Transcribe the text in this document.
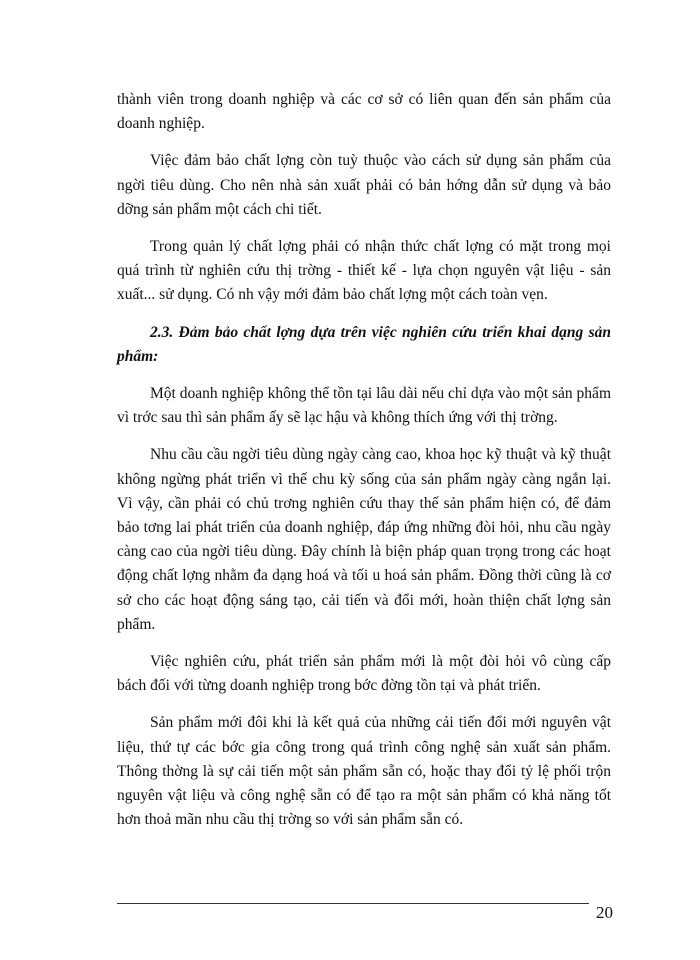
thành viên trong doanh nghiệp và các cơ sở có liên quan đến sản phẩm của doanh nghiệp.

Việc đảm bảo chất lợng còn tuỳ thuộc vào cách sử dụng sản phẩm của ngời tiêu dùng. Cho nên nhà sản xuất phải có bản hớng dẫn sử dụng và bảo dỡng sản phẩm một cách chi tiết.

Trong quản lý chất lợng phải có nhận thức chất lợng có mặt trong mọi quá trình từ nghiên cứu thị trờng - thiết kế - lựa chọn nguyên vật liệu - sản xuất... sử dụng. Có nh vậy mới đảm bảo chất lợng một cách toàn vẹn.

2.3. Đảm bảo chất lợng dựa trên việc nghiên cứu triển khai dạng sản phẩm:

Một doanh nghiệp không thể tồn tại lâu dài nếu chỉ dựa vào một sản phẩm vì trớc sau thì sản phẩm ấy sẽ lạc hậu và không thích ứng với thị trờng.

Nhu cầu cầu ngời tiêu dùng ngày càng cao, khoa học kỹ thuật và kỹ thuật không ngừng phát triển vì thế chu kỳ sống của sản phẩm ngày càng ngắn lại. Vì vậy, cần phải có chủ trơng nghiên cứu thay thế sản phẩm hiện có, để đảm bảo tơng lai phát triển của doanh nghiệp, đáp ứng những đòi hỏi, nhu cầu ngày càng cao của ngời tiêu dùng. Đây chính là biện pháp quan trọng trong các hoạt động chất lợng nhằm đa dạng hoá và tối u hoá sản phẩm. Đồng thời cũng là cơ sở cho các hoạt động sáng tạo, cải tiến và đổi mới, hoàn thiện chất lợng sản phẩm.

Việc nghiên cứu, phát triển sản phẩm mới là một đòi hỏi vô cùng cấp bách đối với từng doanh nghiệp trong bớc đờng tồn tại và phát triển.

Sản phẩm mới đôi khi là kết quả của những cải tiến đổi mới nguyên vật liệu, thứ tự các bớc gia công trong quá trình công nghệ sản xuất sản phẩm. Thông thờng là sự cải tiến một sản phẩm sẵn có, hoặc thay đổi tỷ lệ phối trộn nguyên vật liệu và công nghệ sẵn có để tạo ra một sản phẩm có khả năng tốt hơn thoả mãn nhu cầu thị trờng so với sản phẩm sẵn có.

20
